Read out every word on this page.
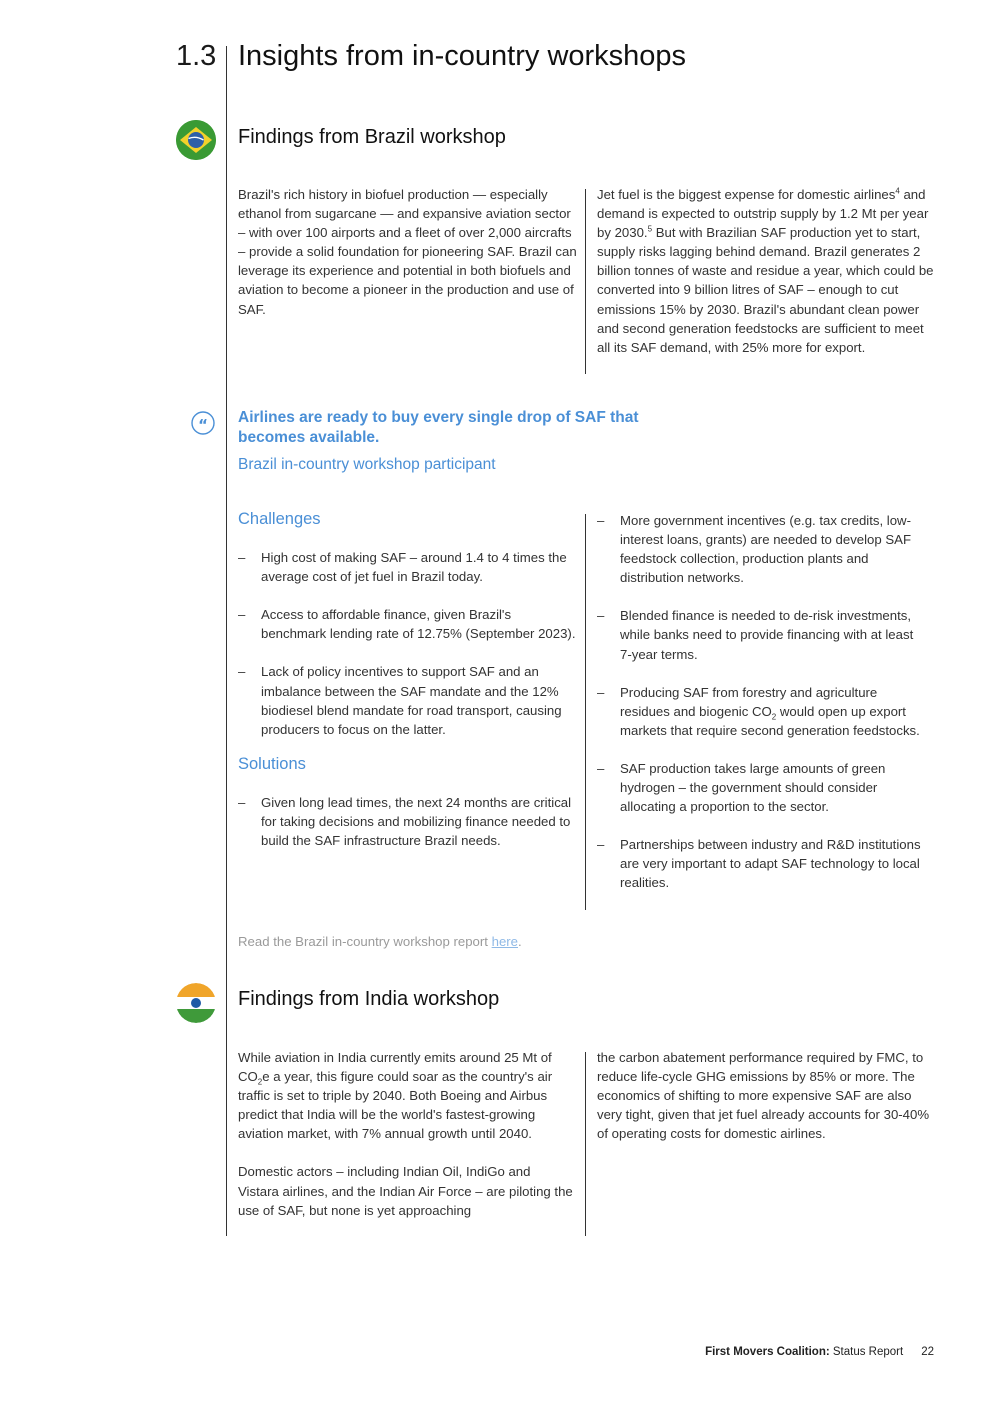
1.3 Insights from in-country workshops
Findings from Brazil workshop

Brazil's rich history in biofuel production — especially ethanol from sugarcane — and expansive aviation sector – with over 100 airports and a fleet of over 2,000 aircrafts – provide a solid foundation for pioneering SAF. Brazil can leverage its experience and potential in both biofuels and aviation to become a pioneer in the production and use of SAF.

Jet fuel is the biggest expense for domestic airlines$^4$ and demand is expected to outstrip supply by 1.2 Mt per year by 2030.$^5$ But with Brazilian SAF production yet to start, supply risks lagging behind demand. Brazil generates 2 billion tonnes of waste and residue a year, which could be converted into 9 billion litres of SAF – enough to cut emissions 15% by 2030. Brazil's abundant clean power and second generation feedstocks are sufficient to meet all its SAF demand, with 25% more for export.

“ Airlines are ready to buy every single drop of SAF that becomes available.
Brazil in-country workshop participant
Challenges
– High cost of making SAF – around 1.4 to 4 times the average cost of jet fuel in Brazil today.
– Access to affordable finance, given Brazil's benchmark lending rate of 12.75% (September 2023).
– Lack of policy incentives to support SAF and an imbalance between the SAF mandate and the 12% biodiesel blend mandate for road transport, causing producers to focus on the latter.
Solutions
– Given long lead times, the next 24 months are critical for taking decisions and mobilizing finance needed to build the SAF infrastructure Brazil needs.
– More government incentives (e.g. tax credits, low-interest loans, grants) are needed to develop SAF feedstock collection, production plants and distribution networks.
– Blended finance is needed to de-risk investments, while banks need to provide financing with at least 7-year terms.
– Producing SAF from forestry and agriculture residues and biogenic $CO_2$ would open up export markets that require second generation feedstocks.
– SAF production takes large amounts of green hydrogen – the government should consider allocating a proportion to the sector.
– Partnerships between industry and R&D institutions are very important to adapt SAF technology to local realities.
Read the Brazil in-country workshop report here.
Findings from India workshop

While aviation in India currently emits around 25 Mt of $CO_2e$ a year, this figure could soar as the country's air traffic is set to triple by 2040. Both Boeing and Airbus predict that India will be the world's fastest-growing aviation market, with 7% annual growth until 2040.

Domestic actors – including Indian Oil, IndiGo and Vistara airlines, and the Indian Air Force – are piloting the use of SAF, but none is yet approaching

the carbon abatement performance required by FMC, to reduce life-cycle GHG emissions by 85% or more. The economics of shifting to more expensive SAF are also very tight, given that jet fuel already accounts for 30-40% of operating costs for domestic airlines.

First Movers Coalition: Status Report 22
